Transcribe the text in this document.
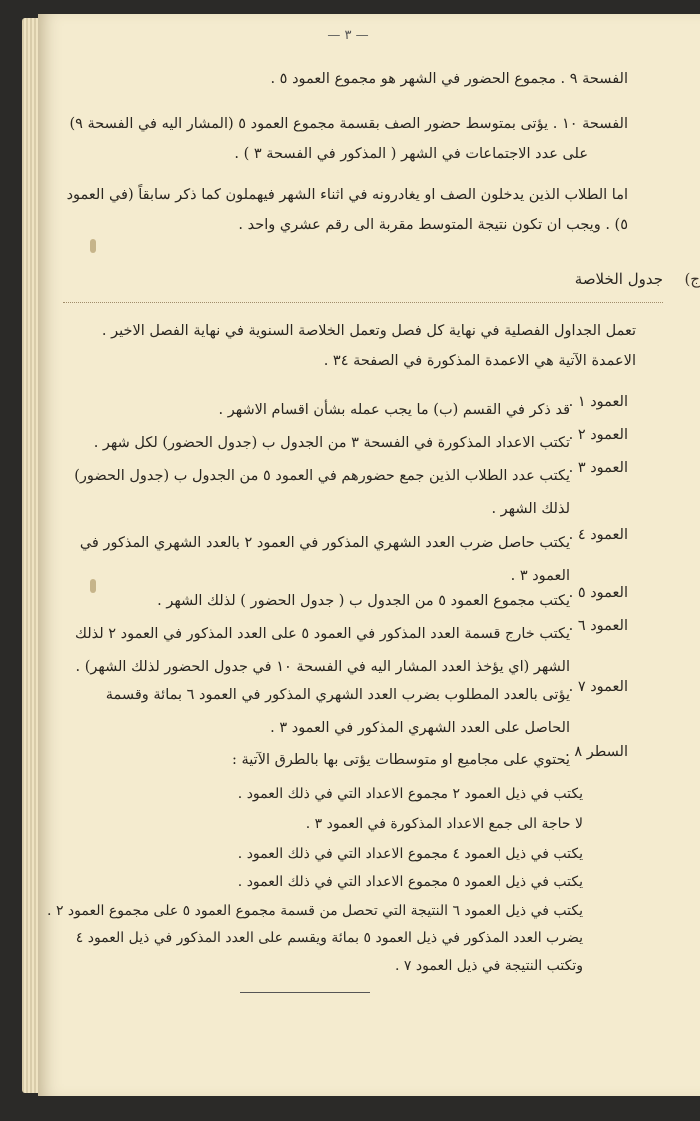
— ٣ —
الفسحة ٩ . مجموع الحضور في الشهر هو مجموع العمود ٥ .
الفسحة ١٠ . يؤتى بمتوسط حضور الصف بقسمة مجموع العمود ٥ (المشار اليه في الفسحة ٩)
على عدد الاجتماعات في الشهر ( المذكور في الفسحة ٣ ) .
اما الطلاب الذين يدخلون الصف او يغادرونه في اثناء الشهر فيهملون كما ذكر سابقاً (في العمود
٥) . ويجب ان تكون نتيجة المتوسط مقربة الى رقم عشري واحد .
ج)
جدول الخلاصة
تعمل الجداول الفصلية في نهاية كل فصل وتعمل الخلاصة السنوية في نهاية الفصل الاخير .
الاعمدة الآتية هي الاعمدة المذكورة في الصفحة ٣٤ .
العمود ١ .
قد ذكر في القسم (ب) ما يجب عمله بشأن اقسام الاشهر .
العمود ٢ .
تكتب الاعداد المذكورة في الفسحة ٣ من الجدول ب (جدول الحضور) لكل شهر .
العمود ٣ .
يكتب عدد الطلاب الذين جمع حضورهم في العمود ٥ من الجدول ب (جدول الحضور) لذلك الشهر .
العمود ٤ .
يكتب حاصل ضرب العدد الشهري المذكور في العمود ٢ بالعدد الشهري المذكور في العمود ٣ .
العمود ٥ .
يكتب مجموع العمود ٥ من الجدول ب ( جدول الحضور ) لذلك الشهر .
العمود ٦ .
يكتب خارج قسمة العدد المذكور في العمود ٥ على العدد المذكور في العمود ٢ لذلك الشهر (اي يؤخذ العدد المشار اليه في الفسحة ١٠ في جدول الحضور لذلك الشهر) .
العمود ٧ .
يؤتى بالعدد المطلوب بضرب العدد الشهري المذكور في العمود ٦ بمائة وقسمة الحاصل على العدد الشهري المذكور في العمود ٣ .
السطر ٨ .
يحتوي على مجاميع او متوسطات يؤتى بها بالطرق الآتية :
يكتب في ذيل العمود ٢ مجموع الاعداد التي في ذلك العمود .
لا حاجة الى جمع الاعداد المذكورة في العمود ٣ .
يكتب في ذيل العمود ٤ مجموع الاعداد التي في ذلك العمود .
يكتب في ذيل العمود ٥ مجموع الاعداد التي في ذلك العمود .
يكتب في ذيل العمود ٦ النتيجة التي تحصل من قسمة مجموع العمود ٥ على مجموع العمود ٢ .
يضرب العدد المذكور في ذيل العمود ٥ بمائة ويقسم على العدد المذكور في ذيل العمود ٤
وتكتب النتيجة في ذيل العمود ٧ .
